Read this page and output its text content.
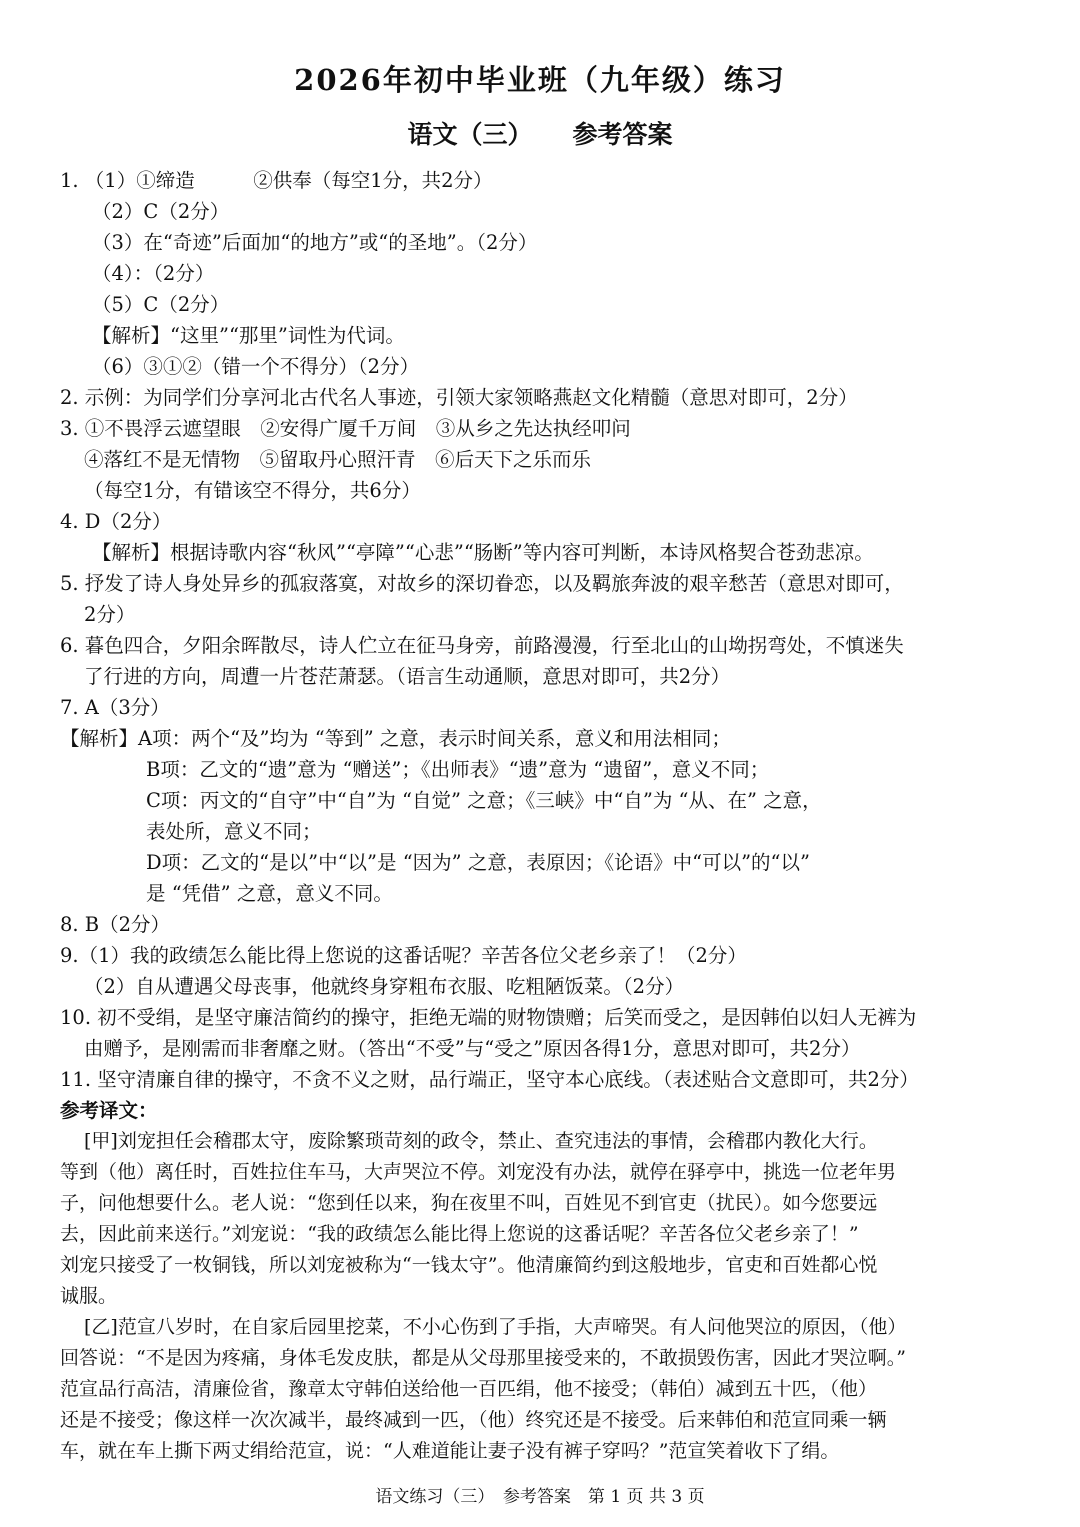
2026年初中毕业班（九年级）练习
语文（三） 参考答案
1. （1）①缔造　　　②供奉（每空1分，共2分）
（2）C（2分）
（3）在“奇迹”后面加“的地方”或“的圣地”。（2分）
（4）：（2分）
（5）C（2分）
【解析】“这里”“那里”词性为代词。
（6）③①②（错一个不得分）（2分）
2. 示例：为同学们分享河北古代名人事迹，引领大家领略燕赵文化精髓（意思对即可，2分）
3. ①不畏浮云遮望眼　②安得广厦千万间　③从乡之先达执经叩问
④落红不是无情物　⑤留取丹心照汗青　⑥后天下之乐而乐
（每空1分，有错该空不得分，共6分）
4. D（2分）
【解析】根据诗歌内容“秋风”“亭障”“心悲”“肠断”等内容可判断，本诗风格契合苍劲悲凉。
5. 抒发了诗人身处异乡的孤寂落寞，对故乡的深切眷恋，以及羁旅奔波的艰辛愁苦（意思对即可，
2分）
6. 暮色四合，夕阳余晖散尽，诗人伫立在征马身旁，前路漫漫，行至北山的山坳拐弯处，不慎迷失
了行进的方向，周遭一片苍茫萧瑟。（语言生动通顺，意思对即可，共2分）
7. A（3分）
【解析】A项：两个“及”均为 “等到” 之意，表示时间关系，意义和用法相同；
B项：乙文的“遗”意为 “赠送”；《出师表》“遗”意为 “遗留”，意义不同；
C项：丙文的“自守”中“自”为 “自觉” 之意；《三峡》中“自”为 “从、在” 之意，
表处所，意义不同；
D项：乙文的“是以”中“以”是 “因为” 之意，表原因；《论语》中“可以”的“以”
是 “凭借” 之意，意义不同。
8. B（2分）
9.（1）我的政绩怎么能比得上您说的这番话呢？辛苦各位父老乡亲了！（2分）
（2）自从遭遇父母丧事，他就终身穿粗布衣服、吃粗陋饭菜。（2分）
10. 初不受绢，是坚守廉洁简约的操守，拒绝无端的财物馈赠；后笑而受之，是因韩伯以妇人无裤为
由赠予，是刚需而非奢靡之财。（答出“不受”与“受之”原因各得1分，意思对即可，共2分）
11. 坚守清廉自律的操守，不贪不义之财，品行端正，坚守本心底线。（表述贴合文意即可，共2分）
参考译文：
[甲]刘宠担任会稽郡太守，废除繁琐苛刻的政令，禁止、查究违法的事情，会稽郡内教化大行。
等到（他）离任时，百姓拉住车马，大声哭泣不停。刘宠没有办法，就停在驿亭中，挑选一位老年男
子，问他想要什么。老人说：“您到任以来，狗在夜里不叫，百姓见不到官吏（扰民）。如今您要远
去，因此前来送行。”刘宠说：“我的政绩怎么能比得上您说的这番话呢？辛苦各位父老乡亲了！”
刘宠只接受了一枚铜钱，所以刘宠被称为“一钱太守”。他清廉简约到这般地步，官吏和百姓都心悦
诚服。
[乙]范宣八岁时，在自家后园里挖菜，不小心伤到了手指，大声啼哭。有人问他哭泣的原因，（他）
回答说：“不是因为疼痛，身体毛发皮肤，都是从父母那里接受来的，不敢损毁伤害，因此才哭泣啊。”
范宣品行高洁，清廉俭省，豫章太守韩伯送给他一百匹绢，他不接受；（韩伯）减到五十匹，（他）
还是不接受；像这样一次次减半，最终减到一匹，（他）终究还是不接受。后来韩伯和范宣同乘一辆
车，就在车上撕下两丈绢给范宣，说：“人难道能让妻子没有裤子穿吗？”范宣笑着收下了绢。
语文练习（三）　参考答案　第 1 页 共 3 页
